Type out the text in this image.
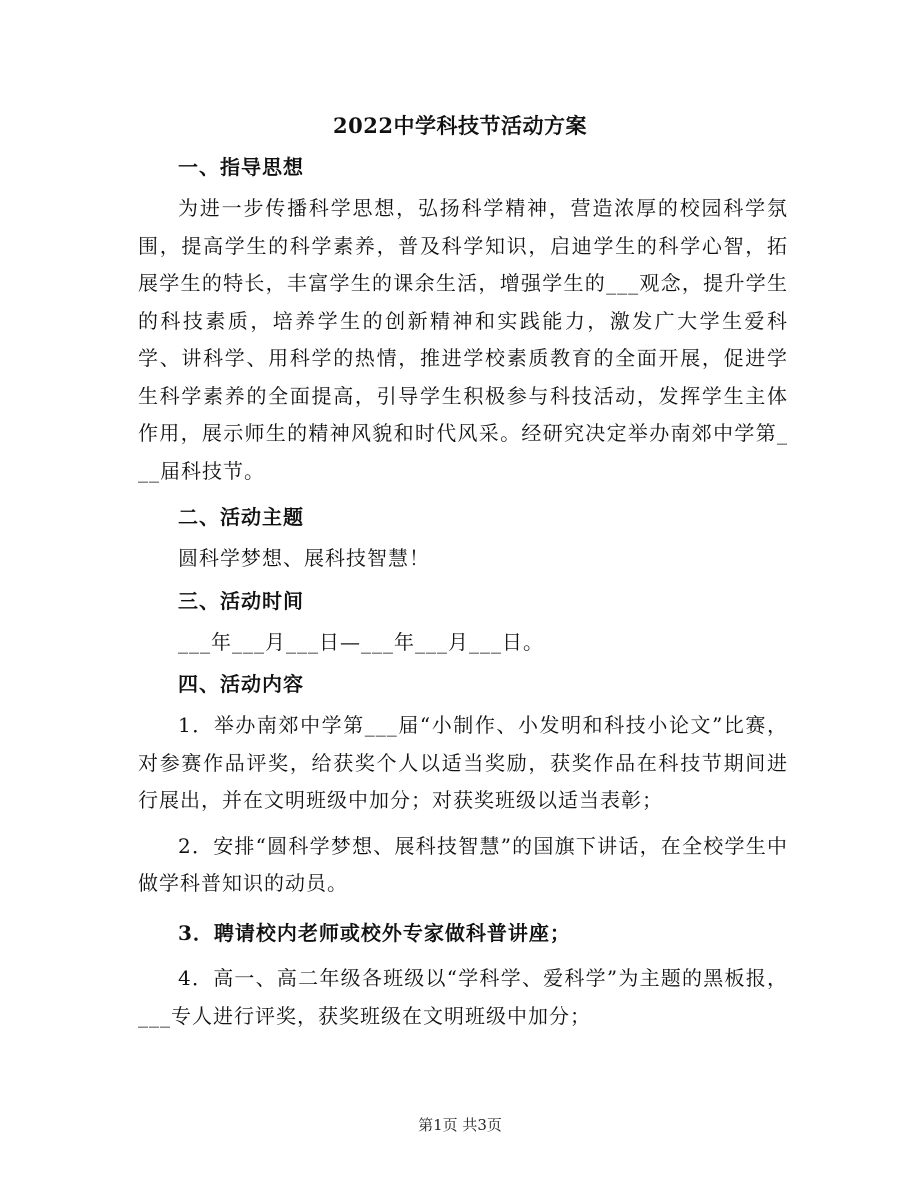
2022中学科技节活动方案

一、指导思想

为进一步传播科学思想，弘扬科学精神，营造浓厚的校园科学氛围，提高学生的科学素养，普及科学知识，启迪学生的科学心智，拓展学生的特长，丰富学生的课余生活，增强学生的___观念，提升学生的科技素质，培养学生的创新精神和实践能力，激发广大学生爱科学、讲科学、用科学的热情，推进学校素质教育的全面开展，促进学生科学素养的全面提高，引导学生积极参与科技活动，发挥学生主体作用，展示师生的精神风貌和时代风采。经研究决定举办南郊中学第___届科技节。

二、活动主题

圆科学梦想、展科技智慧！

三、活动时间

___年___月___日—___年___月___日。

四、活动内容

1．举办南郊中学第___届“小制作、小发明和科技小论文”比赛，对参赛作品评奖，给获奖个人以适当奖励，获奖作品在科技节期间进行展出，并在文明班级中加分；对获奖班级以适当表彰；

2．安排“圆科学梦想、展科技智慧”的国旗下讲话，在全校学生中做学科普知识的动员。

3．聘请校内老师或校外专家做科普讲座；

4．高一、高二年级各班级以“学科学、爱科学”为主题的黑板报，___专人进行评奖，获奖班级在文明班级中加分；

第1页 共3页
